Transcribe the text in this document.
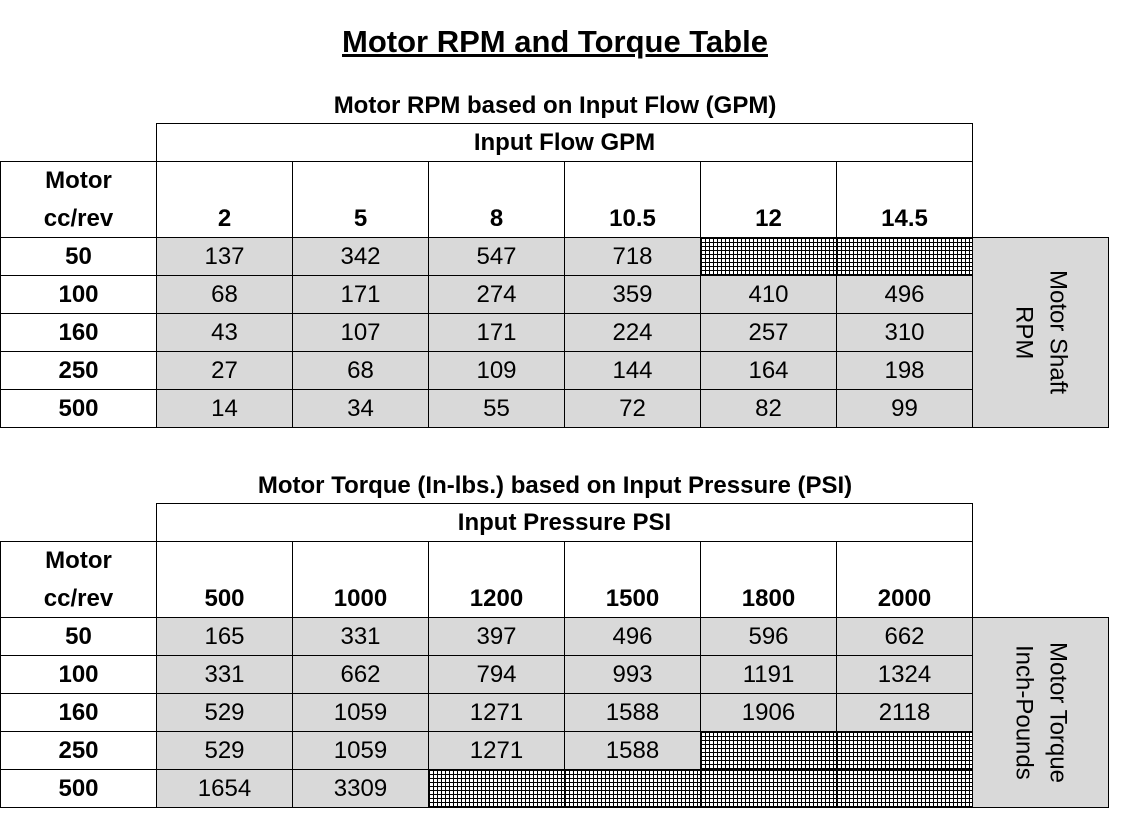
Motor RPM and Torque Table
Motor RPM based on Input Flow (GPM)
Input Flow GPM
Motor
cc/rev	2	5	8	10.5	12	14.5
50	137	342	547	718
100	68	171	274	359	410	496
160	43	107	171	224	257	310
250	27	68	109	144	164	198
500	14	34	55	72	82	99
Motor Shaft
RPM
Motor Torque (In-lbs.) based on Input Pressure (PSI)
Input Pressure PSI
Motor
cc/rev	500	1000	1200	1500	1800	2000
50	165	331	397	496	596	662
100	331	662	794	993	1191	1324
160	529	1059	1271	1588	1906	2118
250	529	1059	1271	1588
500	1654	3309
Motor Torque
Inch-Pounds
